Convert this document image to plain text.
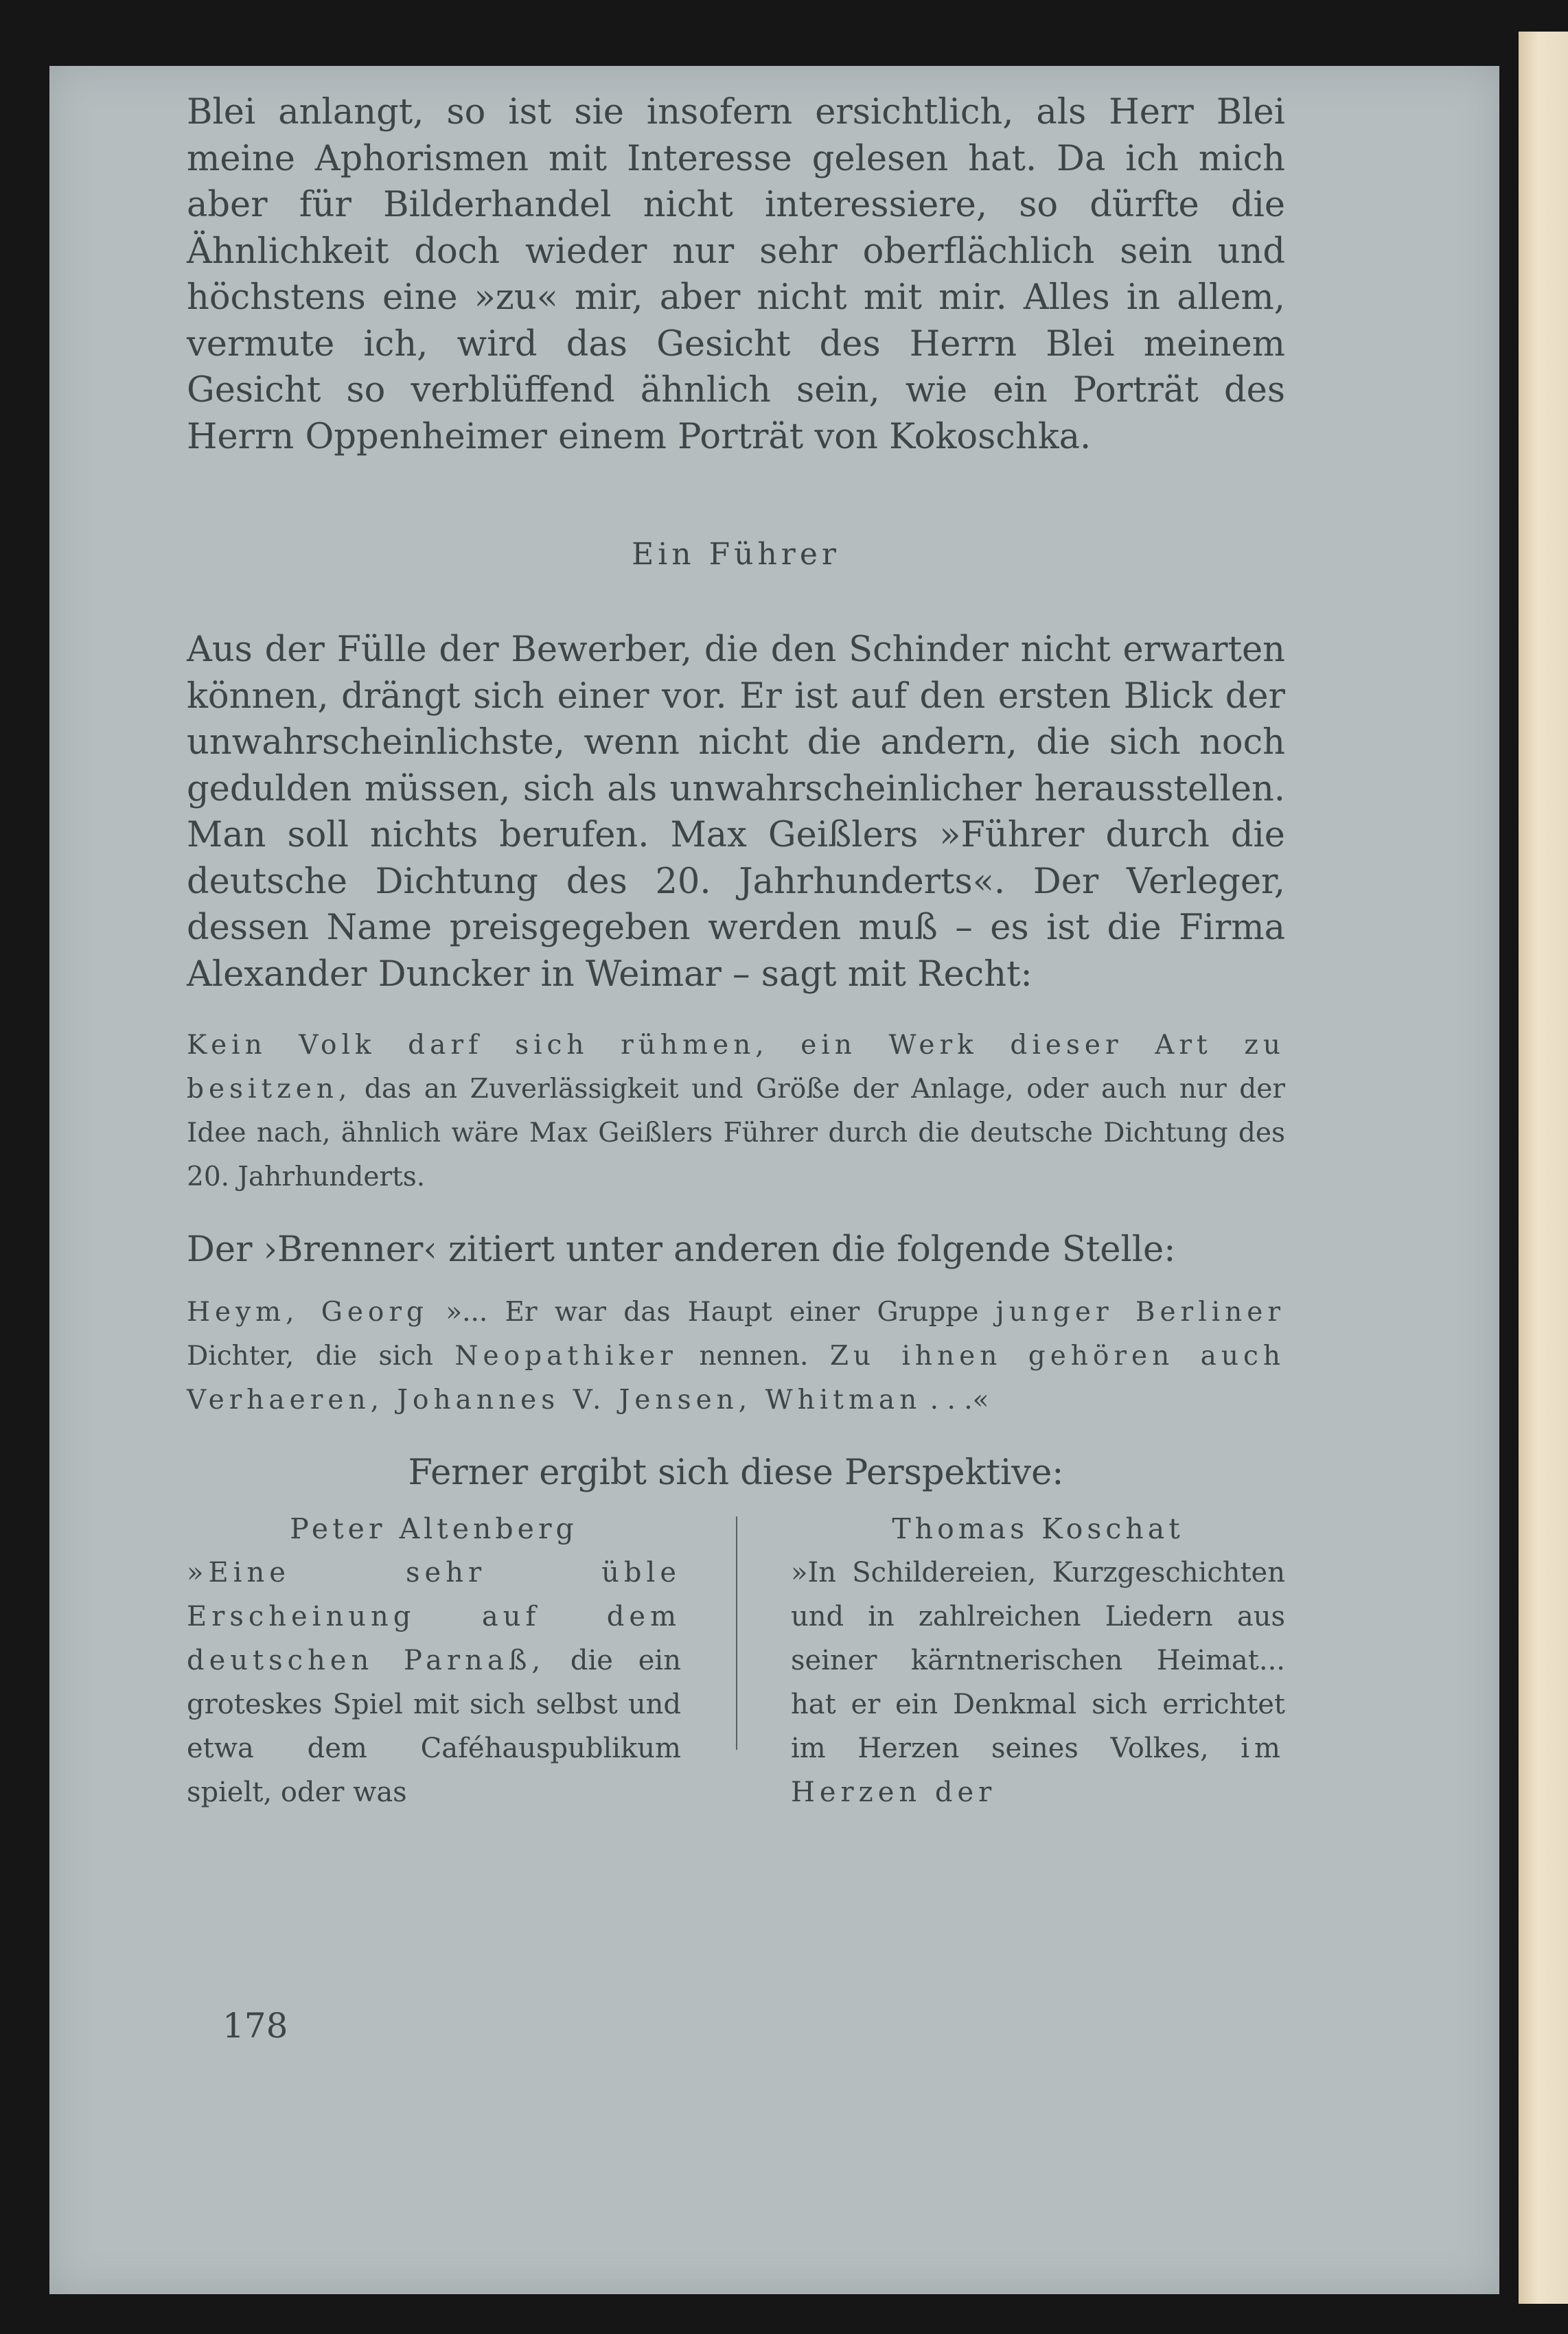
Blei anlangt, so ist sie insofern ersichtlich, als Herr Blei meine Aphorismen mit Interesse gelesen hat. Da ich mich aber für Bilderhandel nicht interessiere, so dürfte die Ähnlichkeit doch wieder nur sehr oberflächlich sein und höchstens eine »zu« mir, aber nicht mit mir. Alles in allem, vermute ich, wird das Gesicht des Herrn Blei meinem Gesicht so verblüffend ähnlich sein, wie ein Porträt des Herrn Oppenheimer einem Porträt von Kokoschka.

Ein Führer

Aus der Fülle der Bewerber, die den Schinder nicht erwarten können, drängt sich einer vor. Er ist auf den ersten Blick der unwahrscheinlichste, wenn nicht die andern, die sich noch gedulden müssen, sich als unwahrscheinlicher herausstellen. Man soll nichts berufen. Max Geißlers »Führer durch die deutsche Dichtung des 20. Jahrhunderts«. Der Verleger, dessen Name preisgegeben werden muß – es ist die Firma Alexander Duncker in Weimar – sagt mit Recht:

Kein Volk darf sich rühmen, ein Werk dieser Art zu besitzen, das an Zuverlässigkeit und Größe der Anlage, oder auch nur der Idee nach, ähnlich wäre Max Geißlers Führer durch die deutsche Dichtung des 20. Jahrhunderts.

Der ›Brenner‹ zitiert unter anderen die folgende Stelle:

Heym, Georg »... Er war das Haupt einer Gruppe junger Berliner Dichter, die sich Neopathiker nennen. Zu ihnen gehören auch Verhaeren, Johannes V. Jensen, Whitman . . .«

Ferner ergibt sich diese Perspektive:

Peter Altenberg
»Eine sehr üble Erscheinung auf dem deutschen Parnaß, die ein groteskes Spiel mit sich selbst und etwa dem Caféhauspublikum spielt, oder was
Thomas Koschat
»In Schildereien, Kurzgeschichten und in zahlreichen Liedern aus seiner kärntnerischen Heimat... hat er ein Denkmal sich errichtet im Herzen seines Volkes, im Herzen der
178
